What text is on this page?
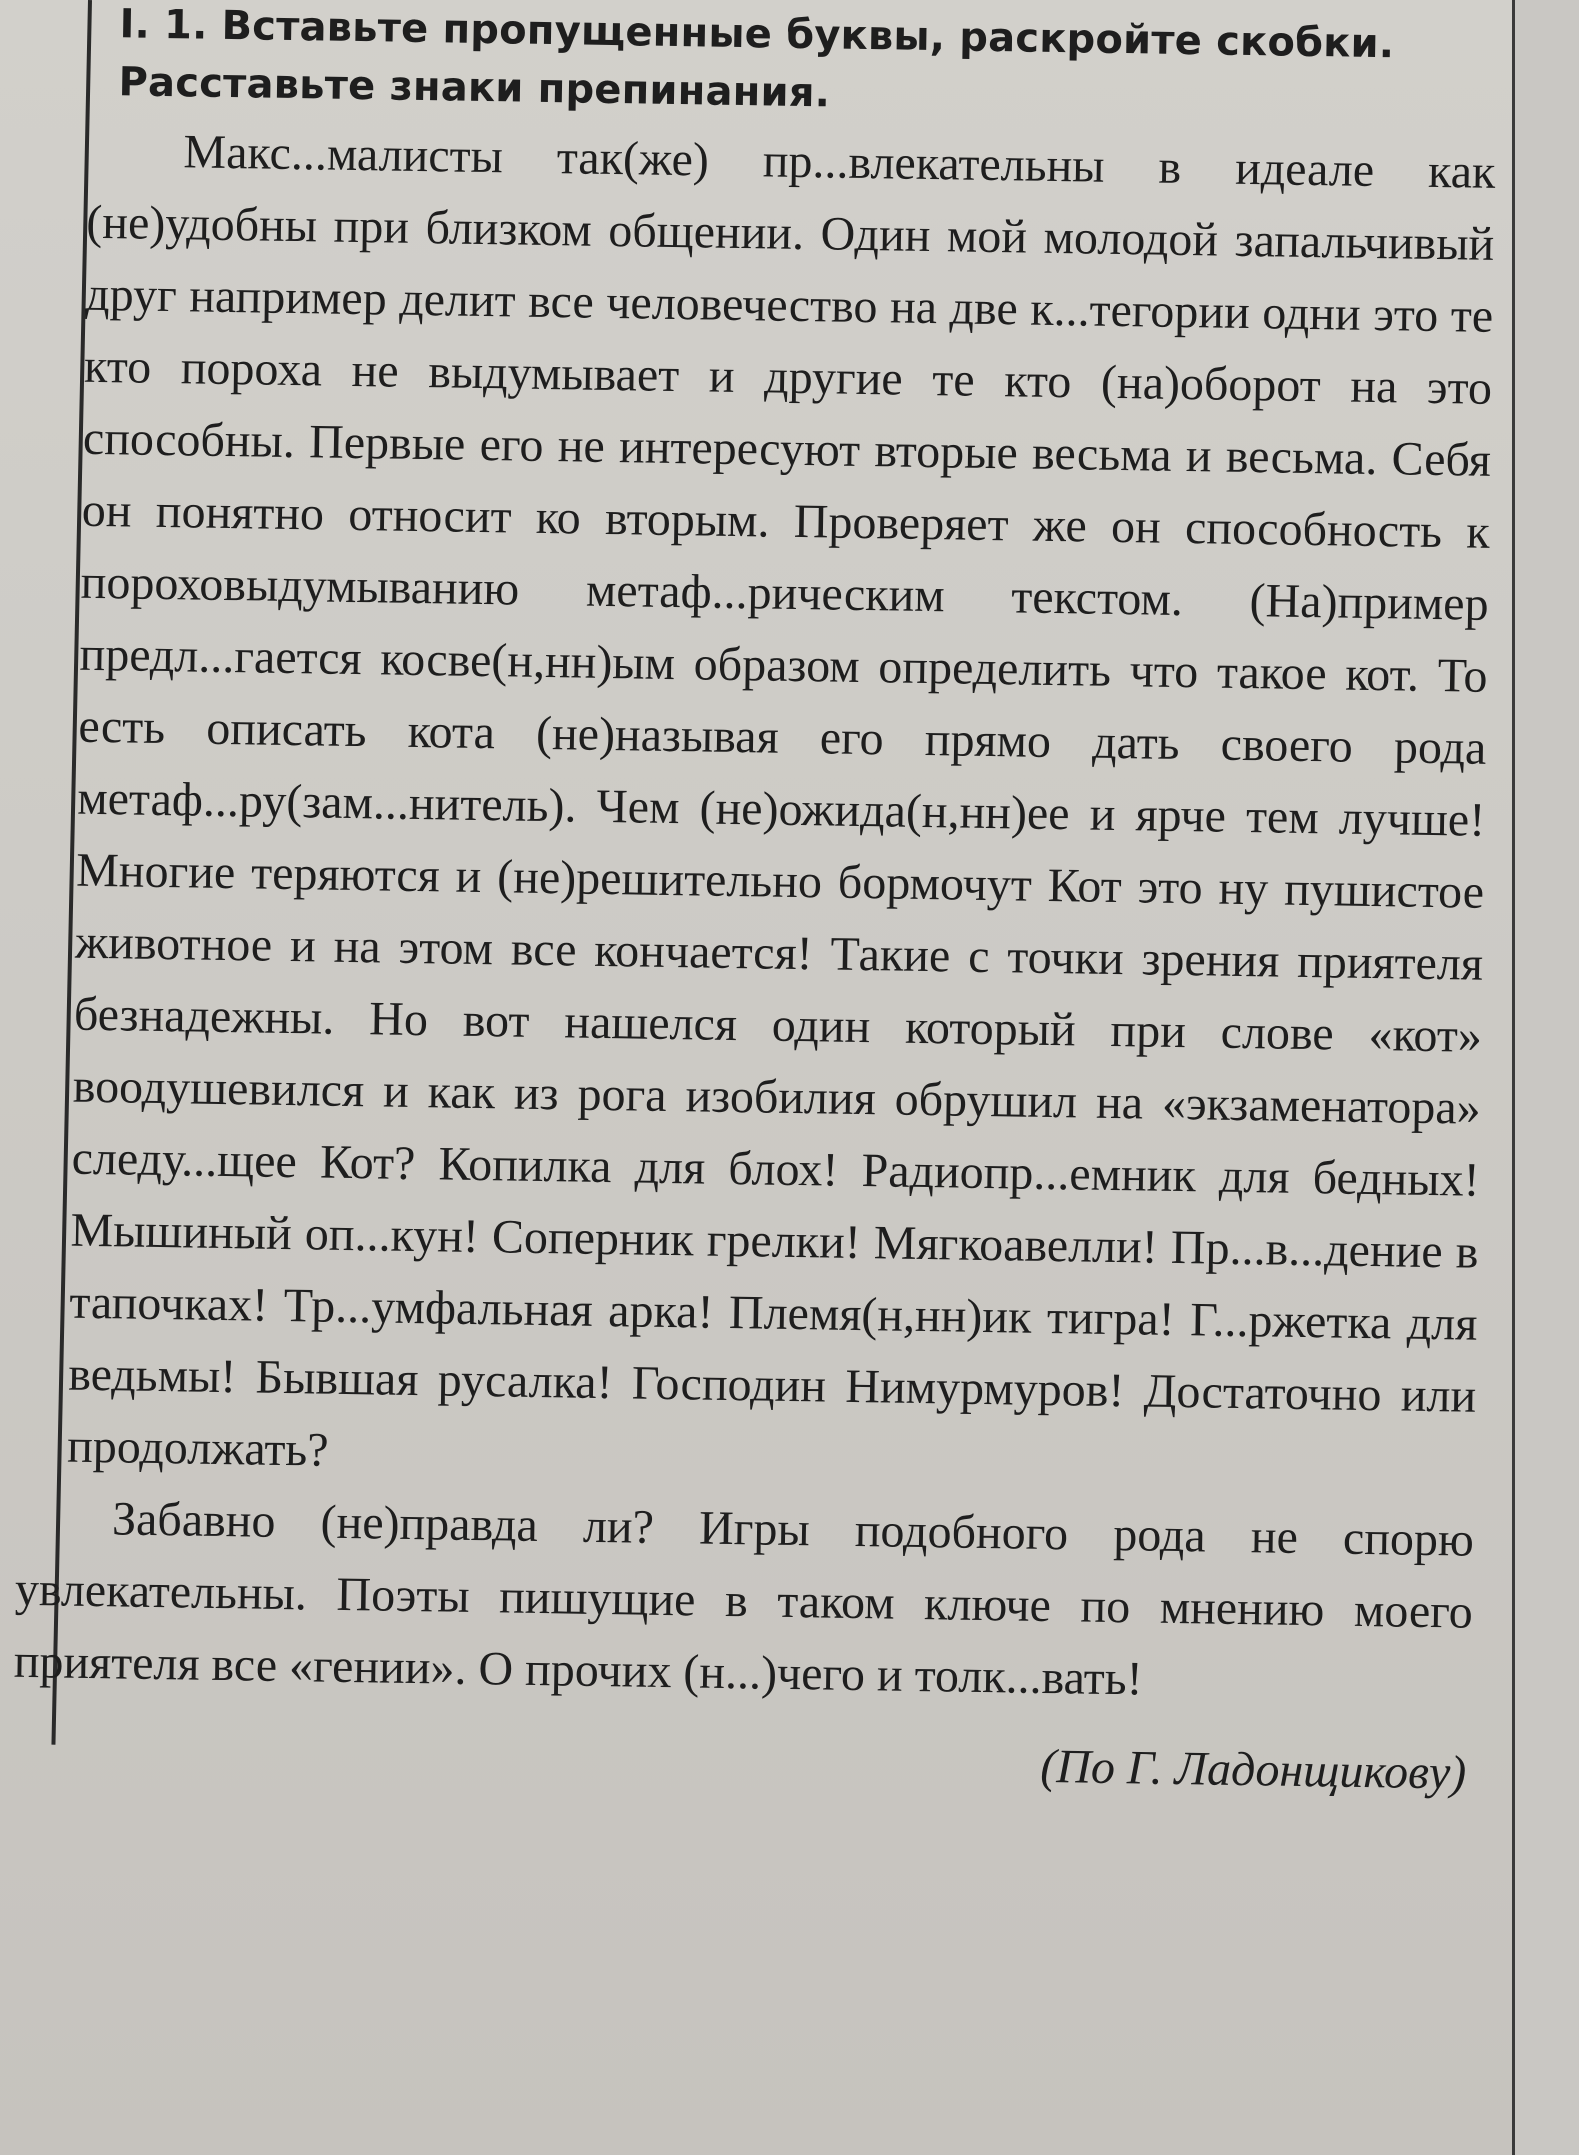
I. 1. Вставьте пропущенные буквы, раскройте скобки. Расставьте знаки препинания.

Макс...малисты так(же) пр...влекательны в идеале как (не)удобны при близком общении. Один мой молодой запальчивый друг например делит все человечество на две к...тегории одни это те кто пороха не выдумывает и другие те кто (на)оборот на это способны. Первые его не интересуют вторые весьма и весьма. Себя он понятно относит ко вторым. Проверяет же он способность к пороховыдумыванию метаф...рическим текстом. (На)пример предл...гается косве(н,нн)ым образом определить что такое кот. То есть описать кота (не)называя его прямо дать своего рода метаф...ру(зам...нитель). Чем (не)ожида(н,нн)ее и ярче тем лучше! Многие теряются и (не)решительно бормочут Кот это ну пушистое животное и на этом все кончается! Такие с точки зрения приятеля безнадежны. Но вот нашелся один который при слове «кот» воодушевился и как из рога изобилия обрушил на «экзаменатора» следу...щее Кот? Копилка для блох! Радиопр...емник для бедных! Мышиный оп...кун! Соперник грелки! Мягкоавелли! Пр...в...дение в тапочках! Тр...умфальная арка! Племя(н,нн)ик тигра! Г...ржетка для ведьмы! Бывшая русалка! Господин Нимурмуров! Достаточно или продолжать?

Забавно (не)правда ли? Игры подобного рода не спорю увлекательны. Поэты пишущие в таком ключе по мнению моего приятеля все «гении». О прочих (н...)чего и толк...вать!

(По Г. Ладонщикову)
